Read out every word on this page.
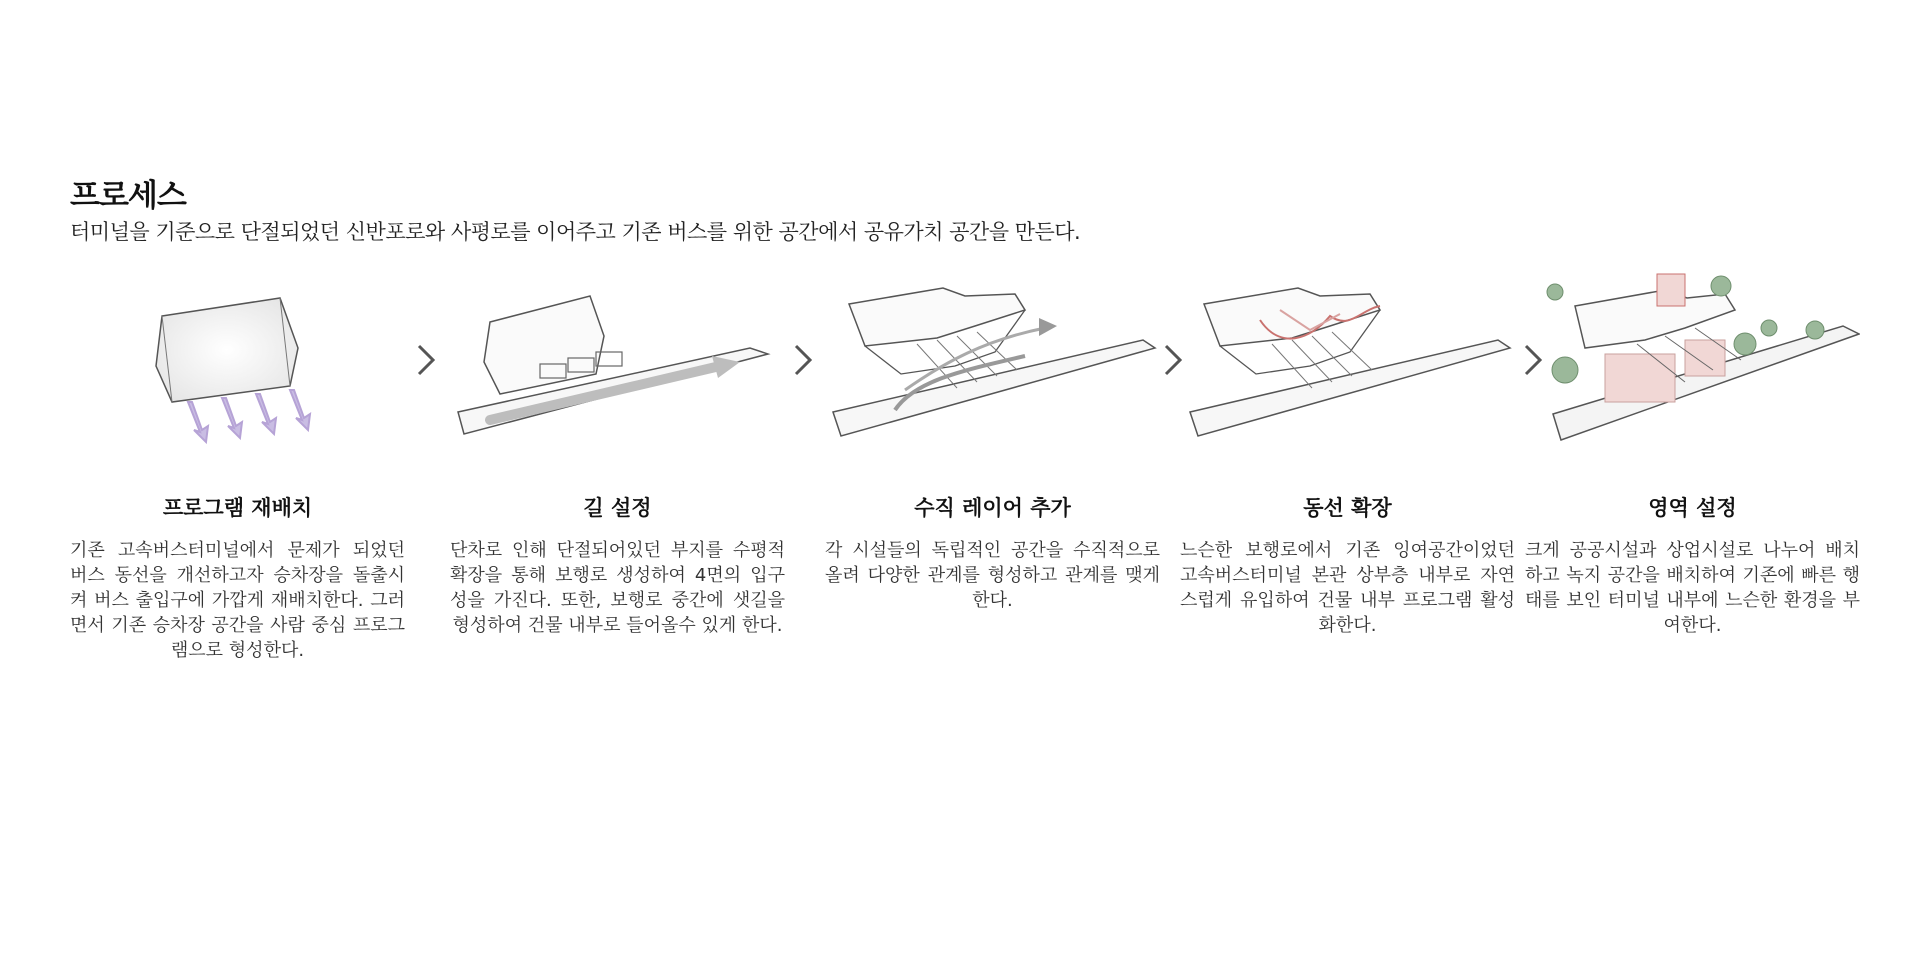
프로세스
터미널을 기준으로 단절되었던 신반포로와 사평로를 이어주고 기존 버스를 위한 공간에서 공유가치 공간을 만든다.
프로그램 재배치
기존 고속버스터미널에서 문제가 되었던 버스 동선을 개선하고자 승차장을 돌출시켜 버스 출입구에 가깝게 재배치한다. 그러면서 기존 승차장 공간을 사람 중심 프로그램으로 형성한다.
길 설정
단차로 인해 단절되어있던 부지를 수평적 확장을 통해 보행로 생성하여 4면의 입구성을 가진다. 또한, 보행로 중간에 샛길을 형성하여 건물 내부로 들어올수 있게 한다.
수직 레이어 추가
각 시설들의 독립적인 공간을 수직적으로 올려 다양한 관계를 형성하고 관계를 맺게 한다.
동선 확장
느슨한 보행로에서 기존 잉여공간이었던 고속버스터미널 본관 상부층 내부로 자연스럽게 유입하여 건물 내부 프로그램 활성화한다.
영역 설정
크게 공공시설과 상업시설로 나누어 배치하고 녹지 공간을 배치하여 기존에 빠른 행태를 보인 터미널 내부에 느슨한 환경을 부여한다.
